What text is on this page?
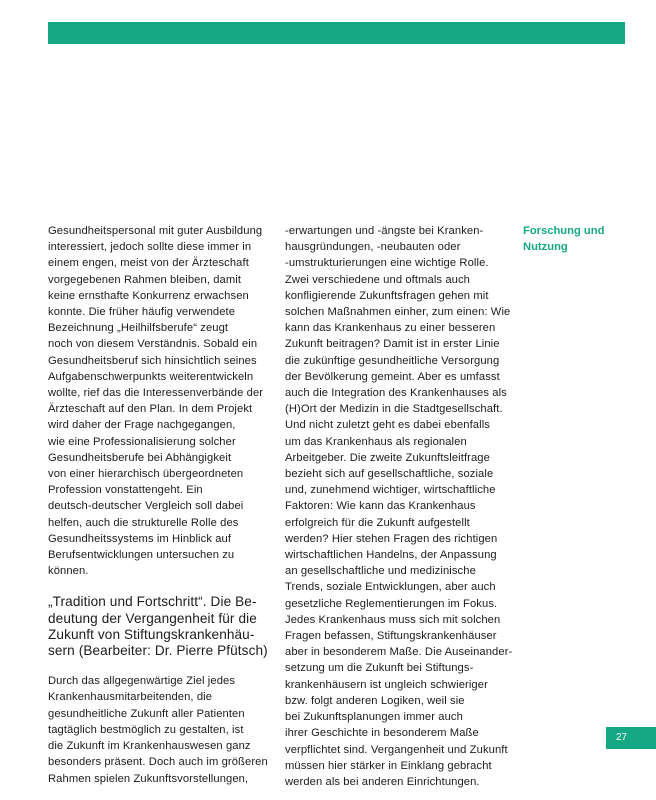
Gesundheitspersonal mit guter Ausbildung
interessiert, jedoch sollte diese immer in
einem engen, meist von der Ärzteschaft
vorgegebenen Rahmen bleiben, damit
keine ernsthafte Konkurrenz erwachsen
konnte. Die früher häufig verwendete
Bezeichnung „Heilhilfsberufe“ zeugt
noch von diesem Verständnis. Sobald ein
Gesundheitsberuf sich hinsichtlich seines
Aufgabenschwerpunkts weiterentwickeln
wollte, rief das die Interessenverbände der
Ärzteschaft auf den Plan. In dem Projekt
wird daher der Frage nachgegangen,
wie eine Professionalisierung solcher
Gesundheitsberufe bei Abhängigkeit
von einer hierarchisch übergeordneten
Profession vonstattengeht. Ein
deutsch-deutscher Vergleich soll dabei
helfen, auch die strukturelle Rolle des
Gesundheitssystems im Hinblick auf
Berufsentwicklungen untersuchen zu
können.
„Tradition und Fortschritt“. Die Be-
deutung der Vergangenheit für die
Zukunft von Stiftungskrankenhäu-
sern (Bearbeiter: Dr. Pierre Pfütsch)
Durch das allgegenwärtige Ziel jedes
Krankenhausmitarbeitenden, die
gesundheitliche Zukunft aller Patienten
tagtäglich bestmöglich zu gestalten, ist
die Zukunft im Krankenhauswesen ganz
besonders präsent. Doch auch im größeren
Rahmen spielen Zukunftsvorstellungen,
-erwartungen und -ängste bei Kranken-
hausgründungen, -neubauten oder
-umstrukturierungen eine wichtige Rolle.
Zwei verschiedene und oftmals auch
konfligierende Zukunftsfragen gehen mit
solchen Maßnahmen einher, zum einen: Wie
kann das Krankenhaus zu einer besseren
Zukunft beitragen? Damit ist in erster Linie
die zukünftige gesundheitliche Versorgung
der Bevölkerung gemeint. Aber es umfasst
auch die Integration des Krankenhauses als
(H)Ort der Medizin in die Stadtgesellschaft.
Und nicht zuletzt geht es dabei ebenfalls
um das Krankenhaus als regionalen
Arbeitgeber. Die zweite Zukunftsleitfrage
bezieht sich auf gesellschaftliche, soziale
und, zunehmend wichtiger, wirtschaftliche
Faktoren: Wie kann das Krankenhaus
erfolgreich für die Zukunft aufgestellt
werden? Hier stehen Fragen des richtigen
wirtschaftlichen Handelns, der Anpassung
an gesellschaftliche und medizinische
Trends, soziale Entwicklungen, aber auch
gesetzliche Reglementierungen im Fokus.
Jedes Krankenhaus muss sich mit solchen
Fragen befassen, Stiftungskrankenhäuser
aber in besonderem Maße. Die Auseinander-
setzung um die Zukunft bei Stiftungs-
krankenhäusern ist ungleich schwieriger
bzw. folgt anderen Logiken, weil sie
bei Zukunftsplanungen immer auch
ihrer Geschichte in besonderem Maße
verpflichtet sind. Vergangenheit und Zukunft
müssen hier stärker in Einklang gebracht
werden als bei anderen Einrichtungen.
Forschung und
Nutzung
27
